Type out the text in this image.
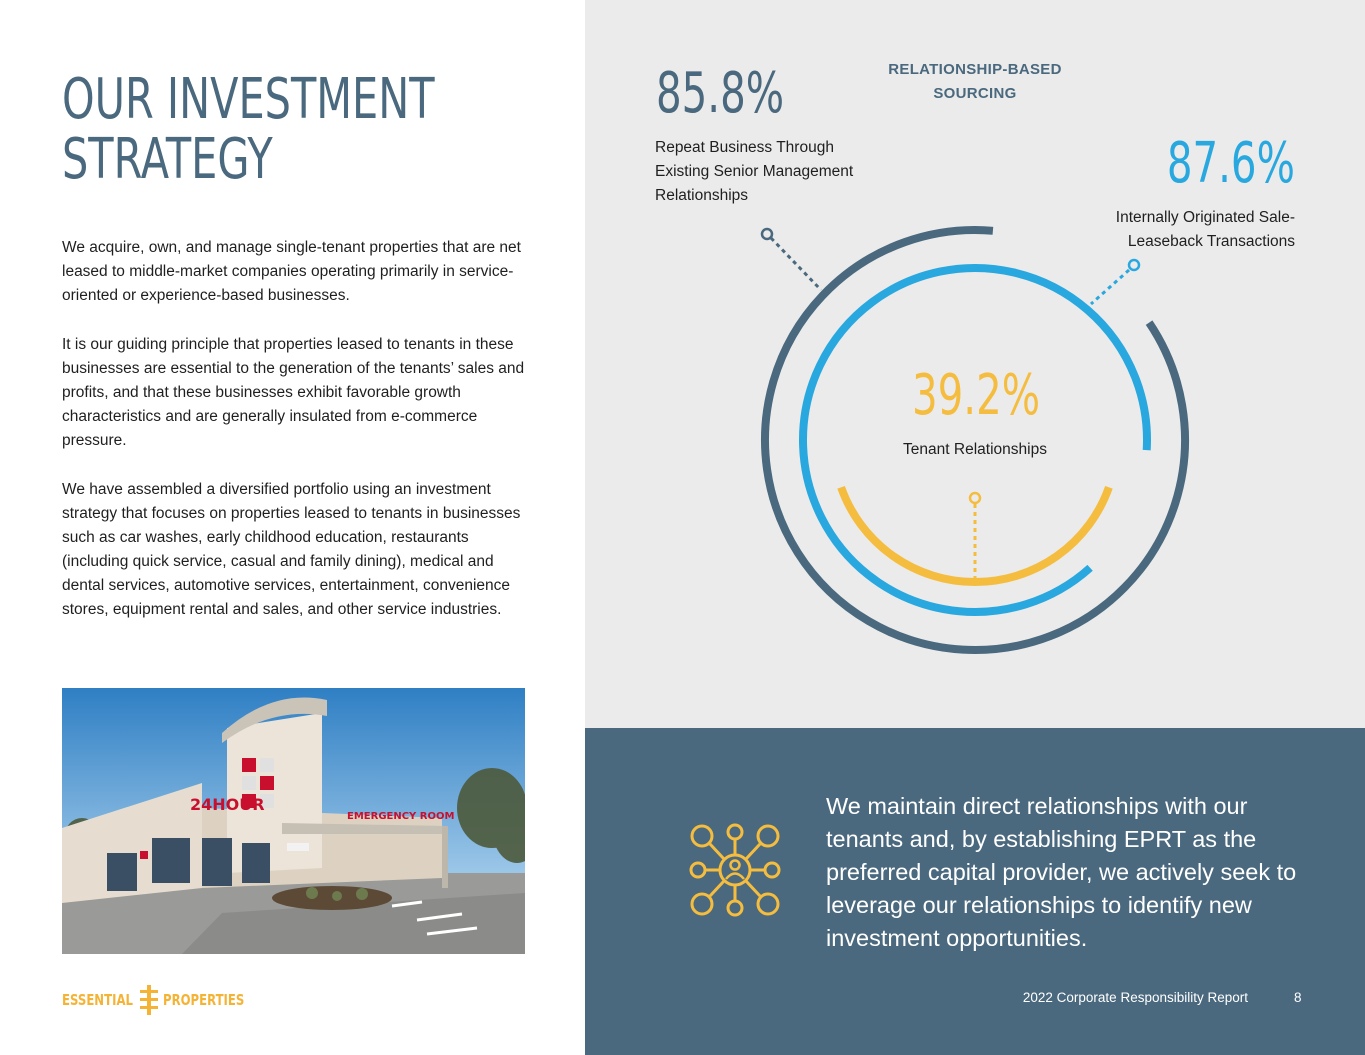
OUR INVESTMENT
STRATEGY

We acquire, own, and manage single-tenant properties that are net leased to middle-market companies operating primarily in service-oriented or experience-based businesses.

It is our guiding principle that properties leased to tenants in these businesses are essential to the generation of the tenants’ sales and profits, and that these businesses exhibit favorable growth characteristics and are generally insulated from e-commerce pressure.

We have assembled a diversified portfolio using an investment strategy that focuses on properties leased to tenants in businesses such as car washes, early childhood education, restaurants (including quick service, casual and family dining), medical and dental services, automotive services, entertainment, convenience stores, equipment rental and sales, and other service industries.

24HOUR
EMERGENCY ROOM
ESSENTIAL PROPERTIES

RELATIONSHIP-BASED SOURCING

85.8%

Repeat Business Through Existing Senior Management Relationships	87.6%

Internally Originated Sale-Leaseback Transactions

39.2%

Tenant Relationships

We maintain direct relationships with our tenants and, by establishing EPRT as the preferred capital provider, we actively seek to leverage our relationships to identify new investment opportunities.

2022 Corporate Responsibility Report	8
